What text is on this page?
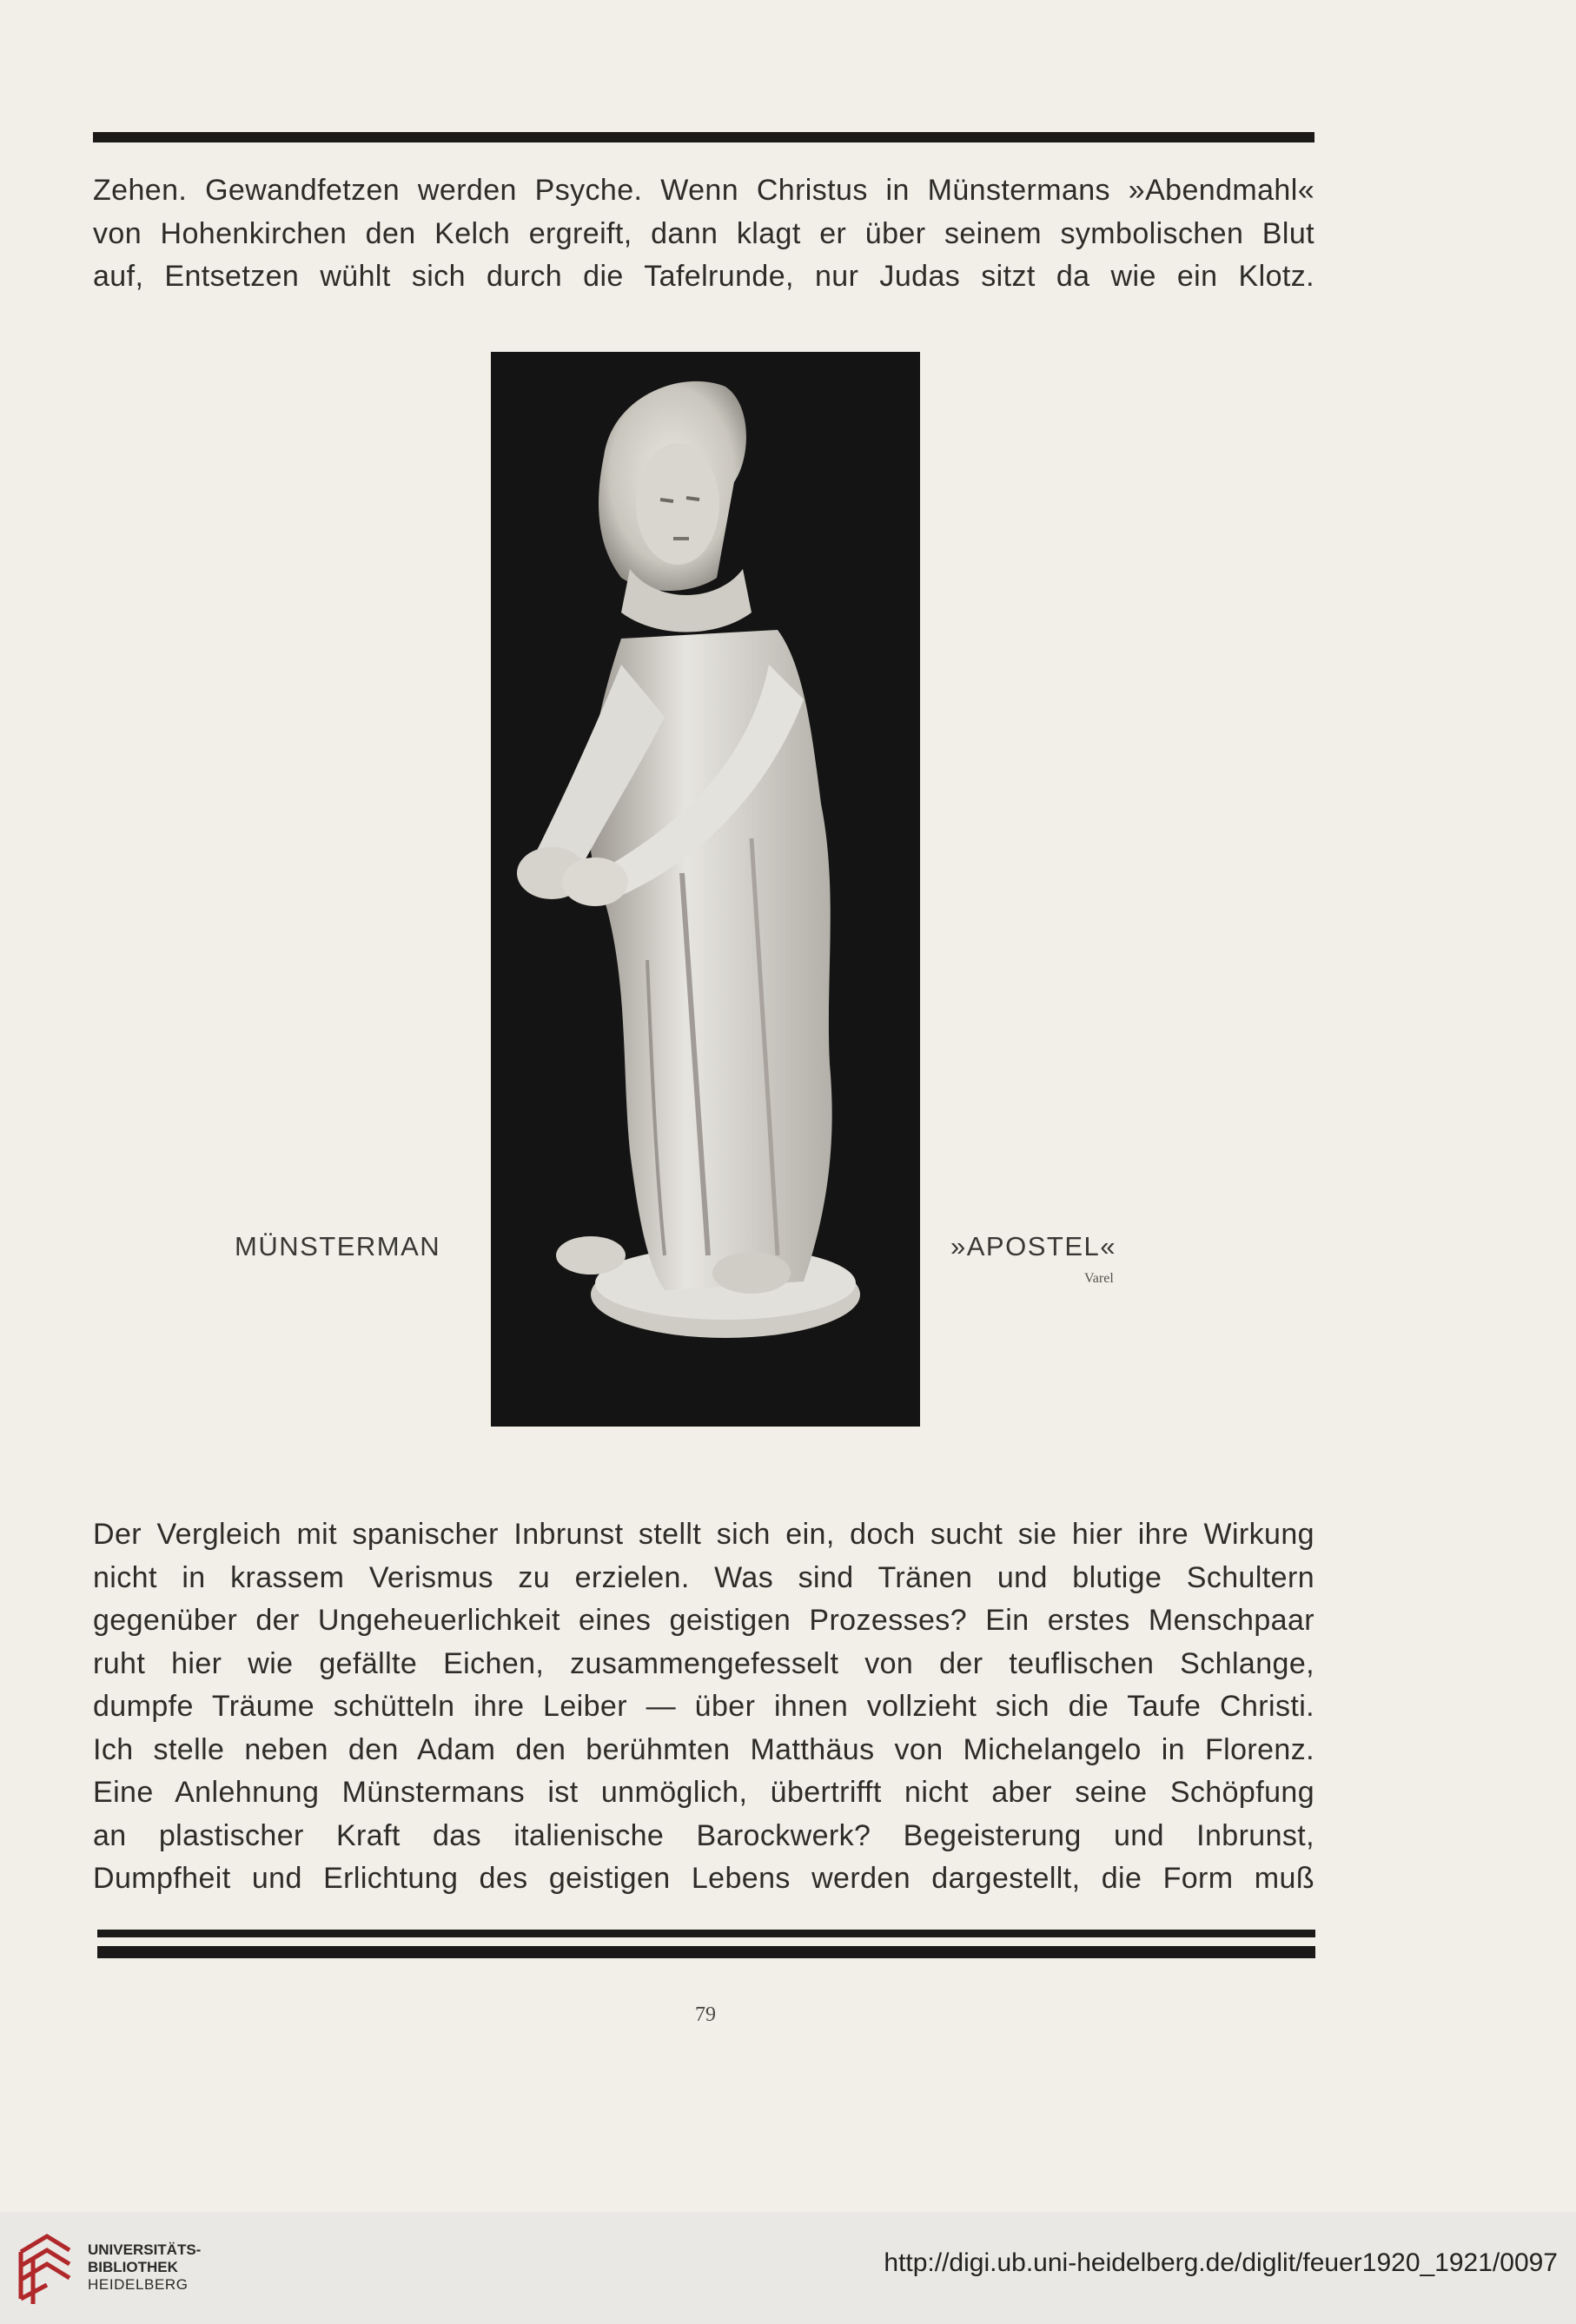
Zehen. Gewandfetzen werden Psyche. Wenn Christus in Münstermans »Abendmahl«
von Hohenkirchen den Kelch ergreift, dann klagt er über seinem symbolischen Blut
auf, Entsetzen wühlt sich durch die Tafelrunde, nur Judas sitzt da wie ein Klotz.
MÜNSTERMAN	»APOSTEL«
Varel
Der Vergleich mit spanischer Inbrunst stellt sich ein, doch sucht sie hier ihre Wirkung
nicht in krassem Verismus zu erzielen. Was sind Tränen und blutige Schultern
gegenüber der Ungeheuerlichkeit eines geistigen Prozesses? Ein erstes Menschpaar
ruht hier wie gefällte Eichen, zusammengefesselt von der teuflischen Schlange,
dumpfe Träume schütteln ihre Leiber — über ihnen vollzieht sich die Taufe Christi.
Ich stelle neben den Adam den berühmten Matthäus von Michelangelo in Florenz.
Eine Anlehnung Münstermans ist unmöglich, übertrifft nicht aber seine Schöpfung
an plastischer Kraft das italienische Barockwerk? Begeisterung und Inbrunst,
Dumpfheit und Erlichtung des geistigen Lebens werden dargestellt, die Form muß
79
UNIVERSITÄTS-
BIBLIOTHEK
HEIDELBERG
http://digi.ub.uni-heidelberg.de/diglit/feuer1920_1921/0097
